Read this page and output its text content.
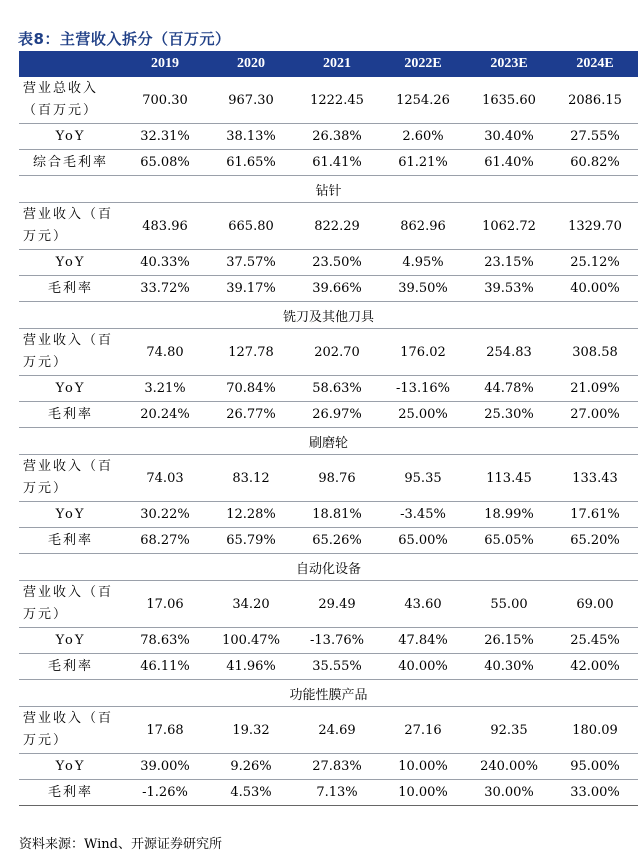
表8：主营收入拆分（百万元）
	2019	2020	2021	2022E	2023E	2024E

营业总收入（百万元）	700.30	967.30	1222.45	1254.26	1635.60	2086.15

YoY	32.31%	38.13%	26.38%	2.60%	30.40%	27.55%

综合毛利率	65.08%	61.65%	61.41%	61.21%	61.40%	60.82%
钻针						

营业收入（百万元）	483.96	665.80	822.29	862.96	1062.72	1329.70

YoY	40.33%	37.57%	23.50%	4.95%	23.15%	25.12%

毛利率	33.72%	39.17%	39.66%	39.50%	39.53%	40.00%
铣刀及其他刀具						

营业收入（百万元）	74.80	127.78	202.70	176.02	254.83	308.58

YoY	3.21%	70.84%	58.63%	-13.16%	44.78%	21.09%

毛利率	20.24%	26.77%	26.97%	25.00%	25.30%	27.00%
刷磨轮						

营业收入（百万元）	74.03	83.12	98.76	95.35	113.45	133.43

YoY	30.22%	12.28%	18.81%	-3.45%	18.99%	17.61%

毛利率	68.27%	65.79%	65.26%	65.00%	65.05%	65.20%
自动化设备						

营业收入（百万元）	17.06	34.20	29.49	43.60	55.00	69.00

YoY	78.63%	100.47%	-13.76%	47.84%	26.15%	25.45%

毛利率	46.11%	41.96%	35.55%	40.00%	40.30%	42.00%
功能性膜产品						

营业收入（百万元）	17.68	19.32	24.69	27.16	92.35	180.09

YoY	39.00%	9.26%	27.83%	10.00%	240.00%	95.00%

毛利率	-1.26%	4.53%	7.13%	10.00%	30.00%	33.00%
资料来源：Wind、开源证券研究所
